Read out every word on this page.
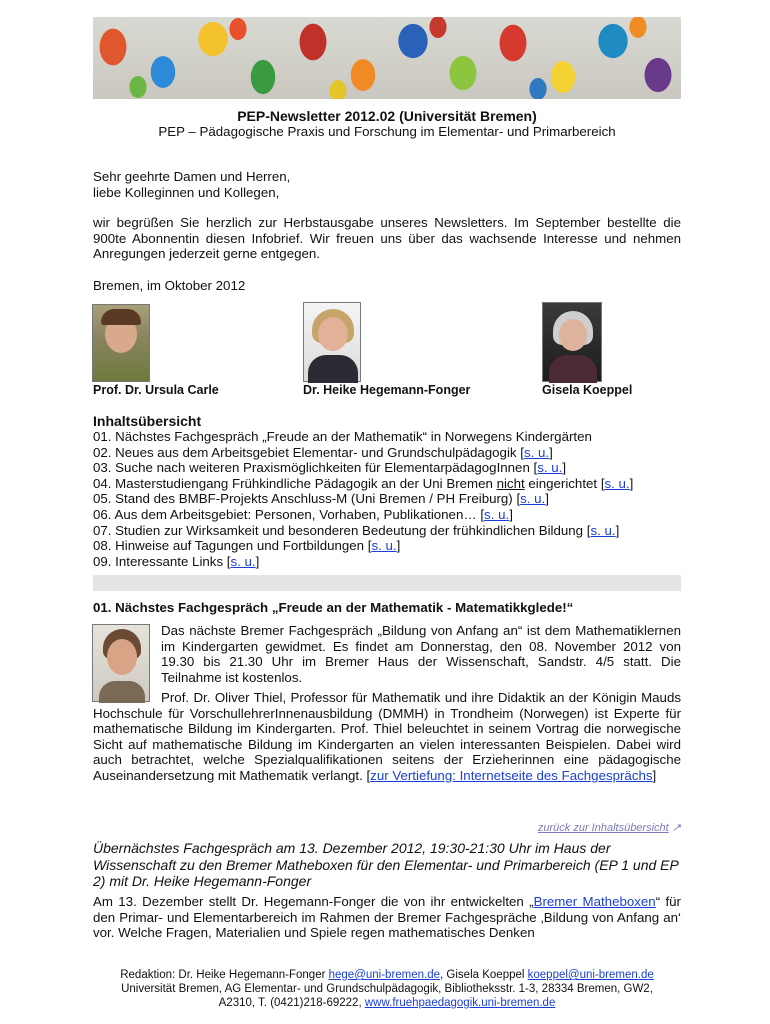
PEP-Newsletter 2012.02 (Universität Bremen)
PEP – Pädagogische Praxis und Forschung im Elementar- und Primarbereich
Sehr geehrte Damen und Herren,
liebe Kolleginnen und Kollegen,
wir begrüßen Sie herzlich zur Herbstausgabe unseres Newsletters. Im September bestellte die 900te Abonnentin diesen Infobrief. Wir freuen uns über das wachsende Interesse und nehmen Anregungen jederzeit gerne entgegen.
Bremen, im Oktober 2012
Prof. Dr. Ursula Carle	Dr. Heike Hegemann-Fonger	Gisela Koeppel
Inhaltsübersicht
01. Nächstes Fachgespräch „Freude an der Mathematik“ in Norwegens Kindergärten
02. Neues aus dem Arbeitsgebiet Elementar- und Grundschulpädagogik [s. u.]
03. Suche nach weiteren Praxismöglichkeiten für ElementarpädagogInnen [s. u.]
04. Masterstudiengang Frühkindliche Pädagogik an der Uni Bremen nicht eingerichtet [s. u.]
05. Stand des BMBF-Projekts Anschluss-M (Uni Bremen / PH Freiburg) [s. u.]
06. Aus dem Arbeitsgebiet: Personen, Vorhaben, Publikationen… [s. u.]
07. Studien zur Wirksamkeit und besonderen Bedeutung der frühkindlichen Bildung [s. u.]
08. Hinweise auf Tagungen und Fortbildungen [s. u.]
09. Interessante Links [s. u.]
01. Nächstes Fachgespräch „Freude an der Mathematik - Matematikkglede!“
Das nächste Bremer Fachgespräch „Bildung von Anfang an“ ist dem Mathematiklernen im Kindergarten gewidmet. Es findet am Donnerstag, den 08. November 2012 von 19.30 bis 21.30 Uhr im Bremer Haus der Wissenschaft, Sandstr. 4/5 statt. Die Teilnahme ist kostenlos.
Prof. Dr. Oliver Thiel, Professor für Mathematik und ihre Didaktik an der Königin Mauds Hochschule für VorschullehrerInnenausbildung (DMMH) in Trondheim (Norwegen) ist Experte für mathematische Bildung im Kindergarten. Prof. Thiel beleuchtet in seinem Vortrag die norwegische Sicht auf mathematische Bildung im Kindergarten an vielen interessanten Beispielen. Dabei wird auch betrachtet, welche Spezialqualifikationen seitens der Erzieherinnen eine pädagogische Auseinandersetzung mit Mathematik verlangt. [zur Vertiefung: Internetseite des Fachgesprächs]
zurück zur Inhaltsübersicht ↗
Übernächstes Fachgespräch am 13. Dezember 2012, 19:30-21:30 Uhr im Haus der Wissenschaft zu den Bremer Matheboxen für den Elementar- und Primarbereich (EP 1 und EP 2) mit Dr. Heike Hegemann-Fonger
Am 13. Dezember stellt Dr. Hegemann-Fonger die von ihr entwickelten „Bremer Matheboxen“ für den Primar- und Elementarbereich im Rahmen der Bremer Fachgespräche ‚Bildung von Anfang an‘ vor. Welche Fragen, Materialien und Spiele regen mathematisches Denken
Redaktion: Dr. Heike Hegemann-Fonger hege@uni-bremen.de, Gisela Koeppel koeppel@uni-bremen.de
Universität Bremen, AG Elementar- und Grundschulpädagogik, Bibliotheksstr. 1-3, 28334 Bremen, GW2,
A2310, T. (0421)218-69222, www.fruehpaedagogik.uni-bremen.de
